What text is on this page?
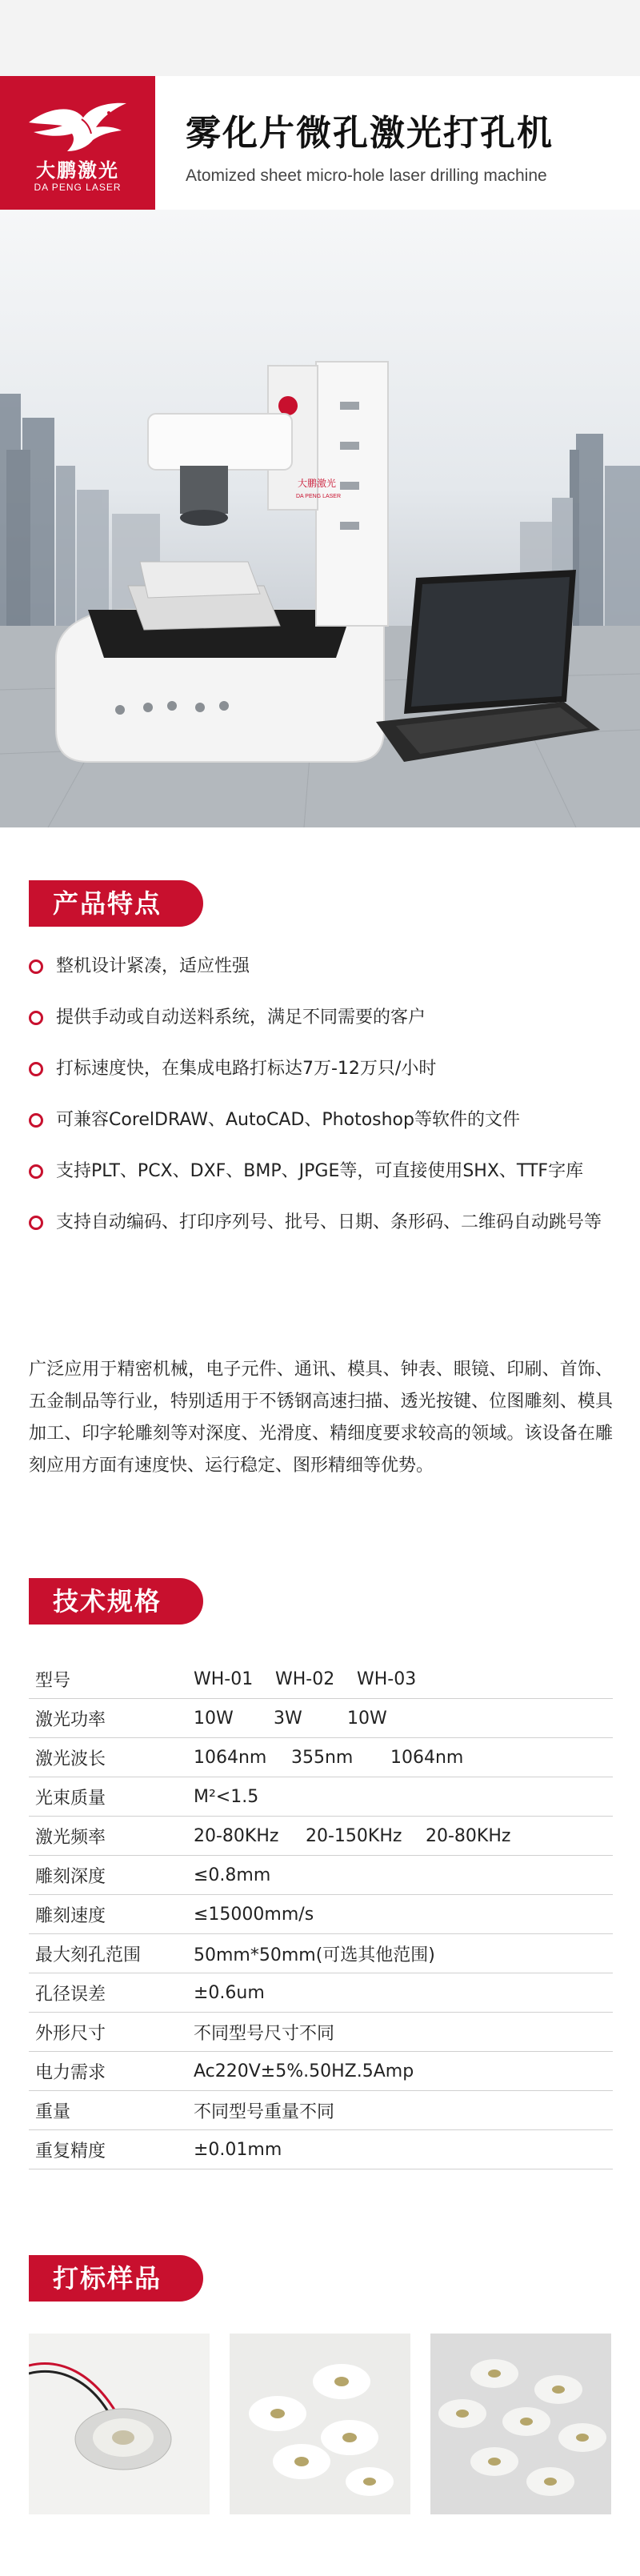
大鹏激光
DA PENG LASER
雾化片微孔激光打孔机
Atomized sheet micro-hole laser drilling machine
大鹏激光
DA PENG LASER
产品特点
整机设计紧凑，适应性强
提供手动或自动送料系统，满足不同需要的客户
打标速度快，在集成电路打标达7万-12万只/小时
可兼容CorelDRAW、AutoCAD、Photoshop等软件的文件
支持PLT、PCX、DXF、BMP、JPGE等，可直接使用SHX、TTF字库
支持自动编码、打印序列号、批号、日期、条形码、二维码自动跳号等
广泛应用于精密机械，电子元件、通讯、模具、钟表、眼镜、印刷、首饰、五金制品等行业，特别适用于不锈钢高速扫描、透光按键、位图雕刻、模具加工、印字轮雕刻等对深度、光滑度、精细度要求较高的领域。该设备在雕刻应用方面有速度快、运行稳定、图形精细等优势。
技术规格
型号	WH-01 WH-02 WH-03
激光功率	10W 3W 10W
激光波长	1064nm 355nm 1064nm
光束质量	M²<1.5
激光频率	20-80KHz 20-150KHz 20-80KHz
雕刻深度	≤0.8mm
雕刻速度	≤15000mm/s
最大刻孔范围	50mm*50mm(可选其他范围)
孔径误差	±0.6um
外形尺寸	不同型号尺寸不同
电力需求	Ac220V±5%.50HZ.5Amp
重量	不同型号重量不同
重复精度	±0.01mm
打标样品
